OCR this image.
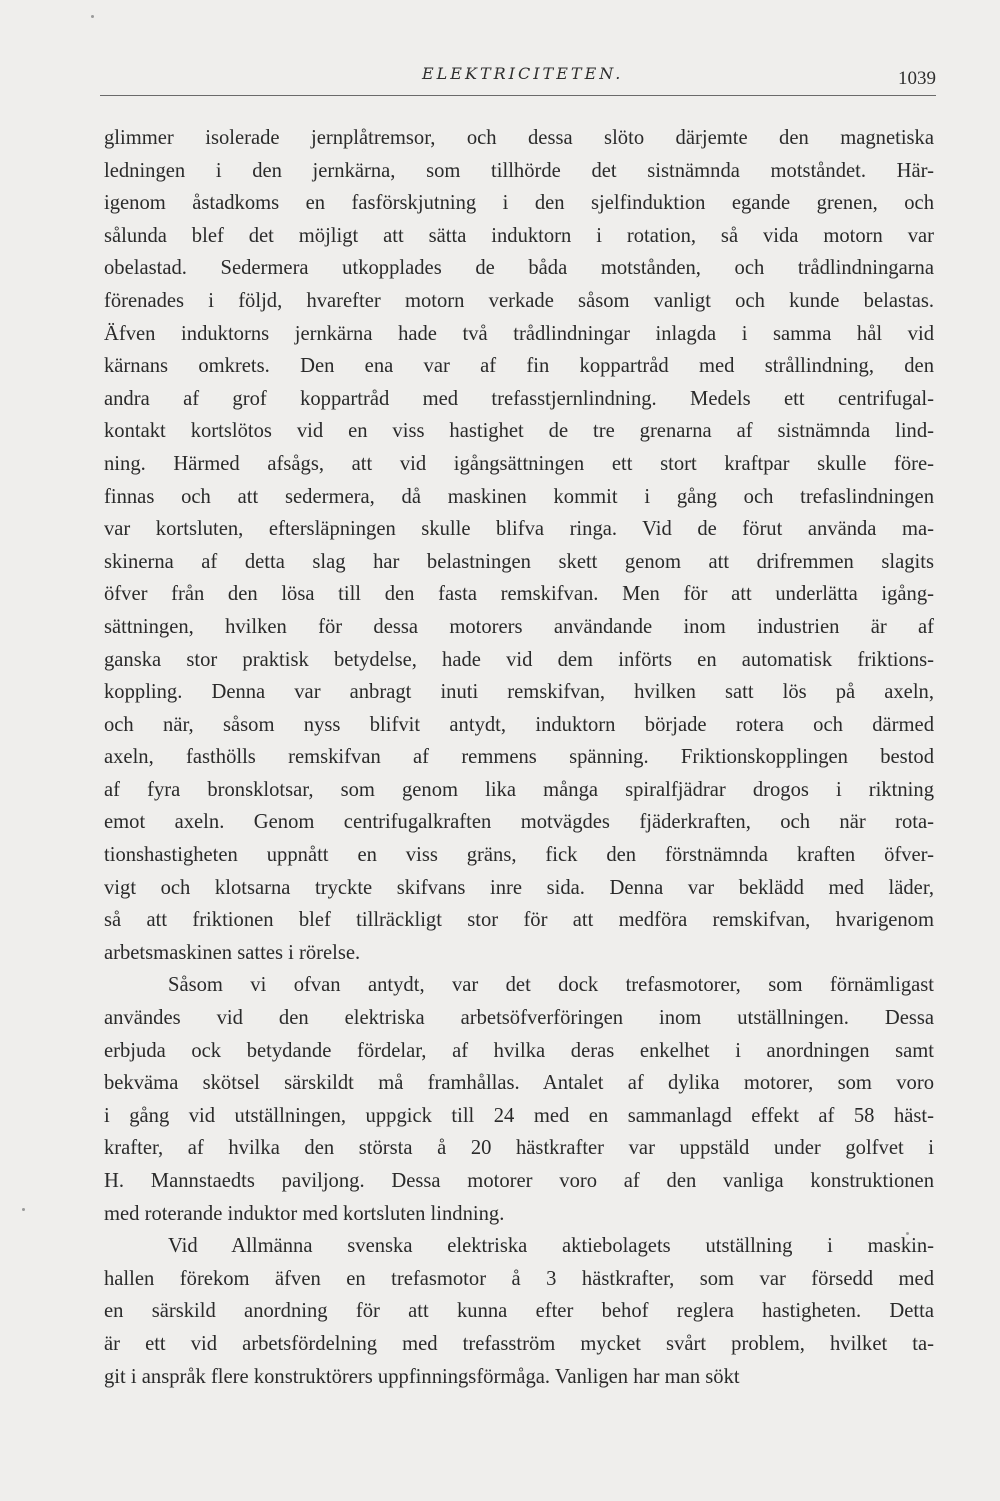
ELEKTRICITETEN.	1039
glimmer isolerade jernplåtremsor, och dessa slöto därjemte den magnetiska
ledningen i den jernkärna, som tillhörde det sistnämnda motståndet. Här-
igenom åstadkoms en fasförskjutning i den sjelfinduktion egande grenen, och
sålunda blef det möjligt att sätta induktorn i rotation, så vida motorn var
obelastad. Sedermera utkopplades de båda motstånden, och trådlindningarna
förenades i följd, hvarefter motorn verkade såsom vanligt och kunde belastas.
Äfven induktorns jernkärna hade två trådlindningar inlagda i samma hål vid
kärnans omkrets. Den ena var af fin koppartråd med strållindning, den
andra af grof koppartråd med trefasstjernlindning. Medels ett centrifugal-
kontakt kortslötos vid en viss hastighet de tre grenarna af sistnämnda lind-
ning. Härmed afsågs, att vid igångsättningen ett stort kraftpar skulle före-
finnas och att sedermera, då maskinen kommit i gång och trefaslindningen
var kortsluten, eftersläpningen skulle blifva ringa. Vid de förut använda ma-
skinerna af detta slag har belastningen skett genom att drifremmen slagits
öfver från den lösa till den fasta remskifvan. Men för att underlätta igång-
sättningen, hvilken för dessa motorers användande inom industrien är af
ganska stor praktisk betydelse, hade vid dem införts en automatisk friktions-
koppling. Denna var anbragt inuti remskifvan, hvilken satt lös på axeln,
och när, såsom nyss blifvit antydt, induktorn började rotera och därmed
axeln, fasthölls remskifvan af remmens spänning. Friktionskopplingen bestod
af fyra bronsklotsar, som genom lika många spiralfjädrar drogos i riktning
emot axeln. Genom centrifugalkraften motvägdes fjäderkraften, och när rota-
tionshastigheten uppnått en viss gräns, fick den förstnämnda kraften öfver-
vigt och klotsarna tryckte skifvans inre sida. Denna var beklädd med läder,
så att friktionen blef tillräckligt stor för att medföra remskifvan, hvarigenom
arbetsmaskinen sattes i rörelse.
Såsom vi ofvan antydt, var det dock trefasmotorer, som förnämligast
användes vid den elektriska arbetsöfverföringen inom utställningen. Dessa
erbjuda ock betydande fördelar, af hvilka deras enkelhet i anordningen samt
bekväma skötsel särskildt må framhållas. Antalet af dylika motorer, som voro
i gång vid utställningen, uppgick till 24 med en sammanlagd effekt af 58 häst-
krafter, af hvilka den största å 20 hästkrafter var uppstäld under golfvet i
H. Mannstaedts paviljong. Dessa motorer voro af den vanliga konstruktionen
med roterande induktor med kortsluten lindning.
Vid Allmänna svenska elektriska aktiebolagets utställning i maskin-
hallen förekom äfven en trefasmotor å 3 hästkrafter, som var försedd med
en särskild anordning för att kunna efter behof reglera hastigheten. Detta
är ett vid arbetsfördelning med trefasström mycket svårt problem, hvilket ta-
git i anspråk flere konstruktörers uppfinningsförmåga. Vanligen har man sökt
